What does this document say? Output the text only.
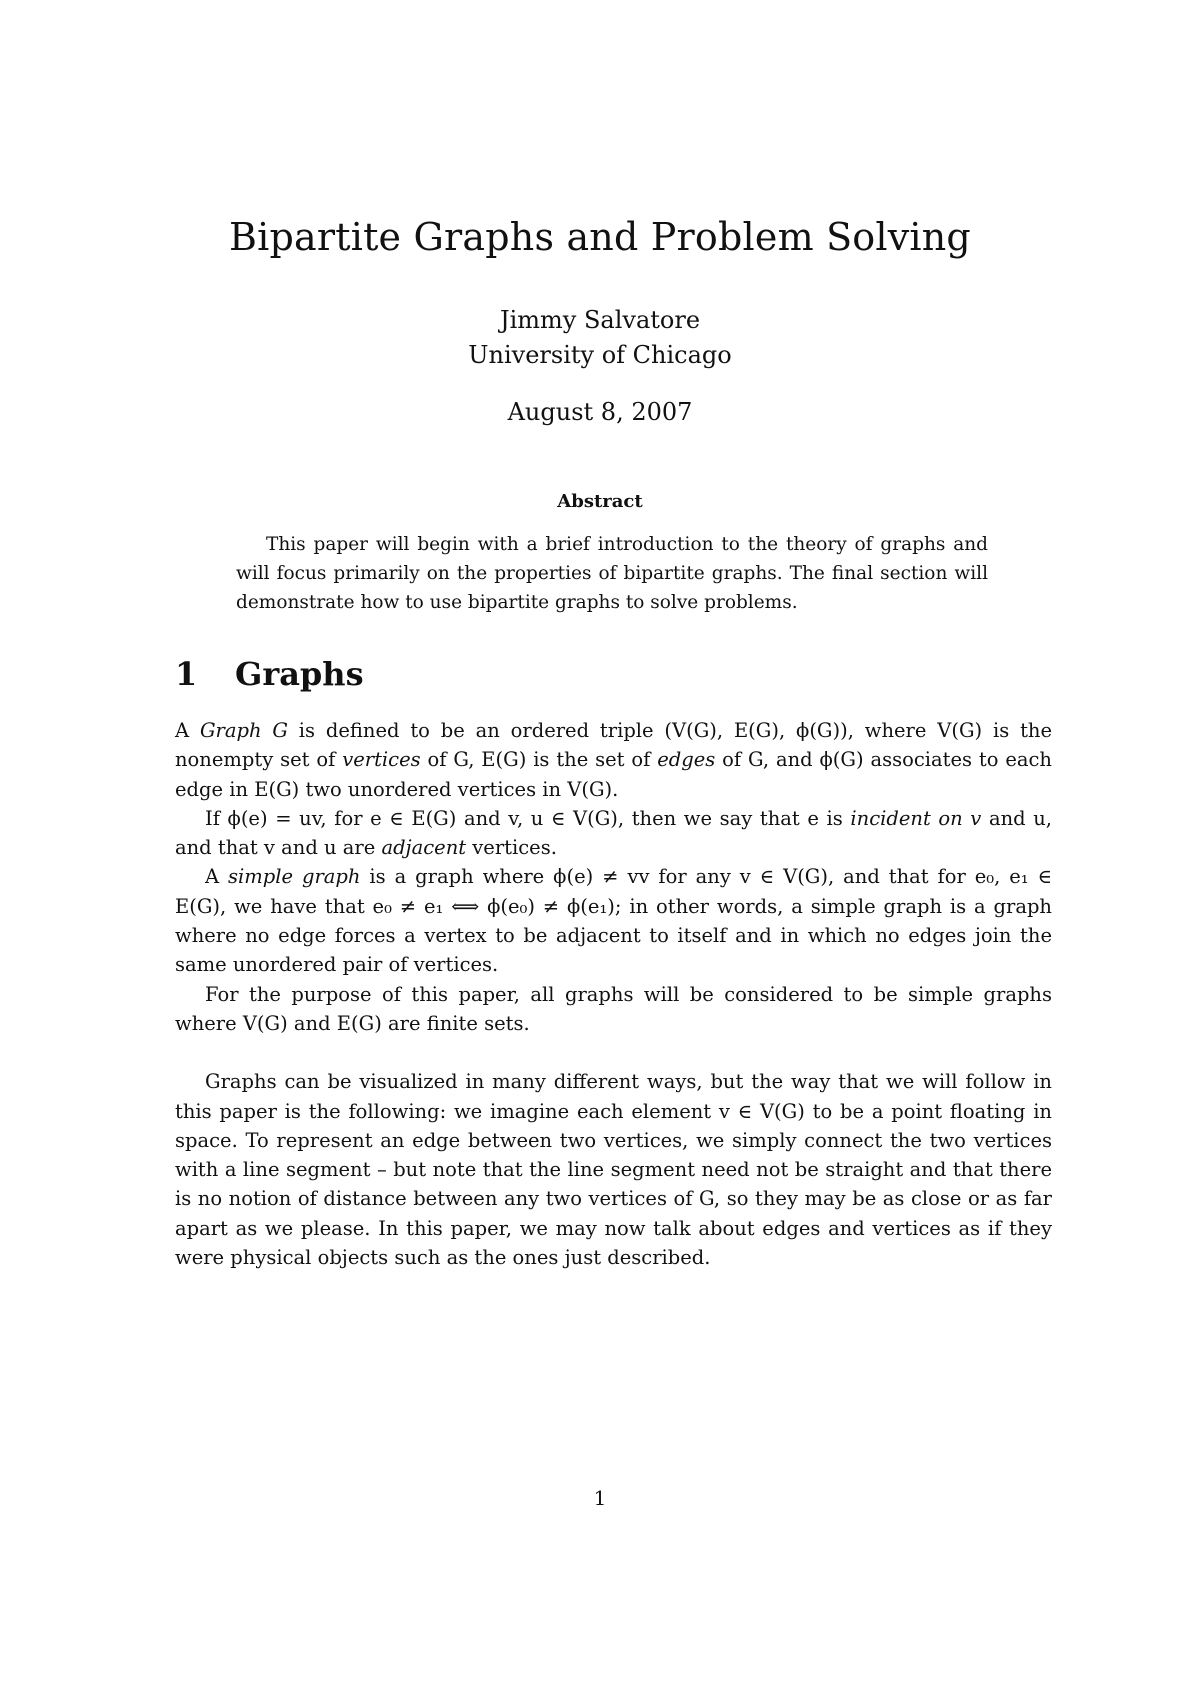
Bipartite Graphs and Problem Solving
Jimmy Salvatore
University of Chicago
August 8, 2007
Abstract
This paper will begin with a brief introduction to the theory of graphs and will focus primarily on the properties of bipartite graphs. The final section will demonstrate how to use bipartite graphs to solve problems.
1 Graphs

A Graph G is defined to be an ordered triple (V(G), E(G), ϕ(G)), where V(G) is the nonempty set of vertices of G, E(G) is the set of edges of G, and ϕ(G) associates to each edge in E(G) two unordered vertices in V(G).

If ϕ(e) = uv, for e ∈ E(G) and v, u ∈ V(G), then we say that e is incident on v and u, and that v and u are adjacent vertices.

A simple graph is a graph where ϕ(e) ≠ vv for any v ∈ V(G), and that for e₀, e₁ ∈ E(G), we have that e₀ ≠ e₁ ⟺ ϕ(e₀) ≠ ϕ(e₁); in other words, a simple graph is a graph where no edge forces a vertex to be adjacent to itself and in which no edges join the same unordered pair of vertices.

For the purpose of this paper, all graphs will be considered to be simple graphs where V(G) and E(G) are finite sets.

Graphs can be visualized in many different ways, but the way that we will follow in this paper is the following: we imagine each element v ∈ V(G) to be a point floating in space. To represent an edge between two vertices, we simply connect the two vertices with a line segment – but note that the line segment need not be straight and that there is no notion of distance between any two vertices of G, so they may be as close or as far apart as we please. In this paper, we may now talk about edges and vertices as if they were physical objects such as the ones just described.

1
